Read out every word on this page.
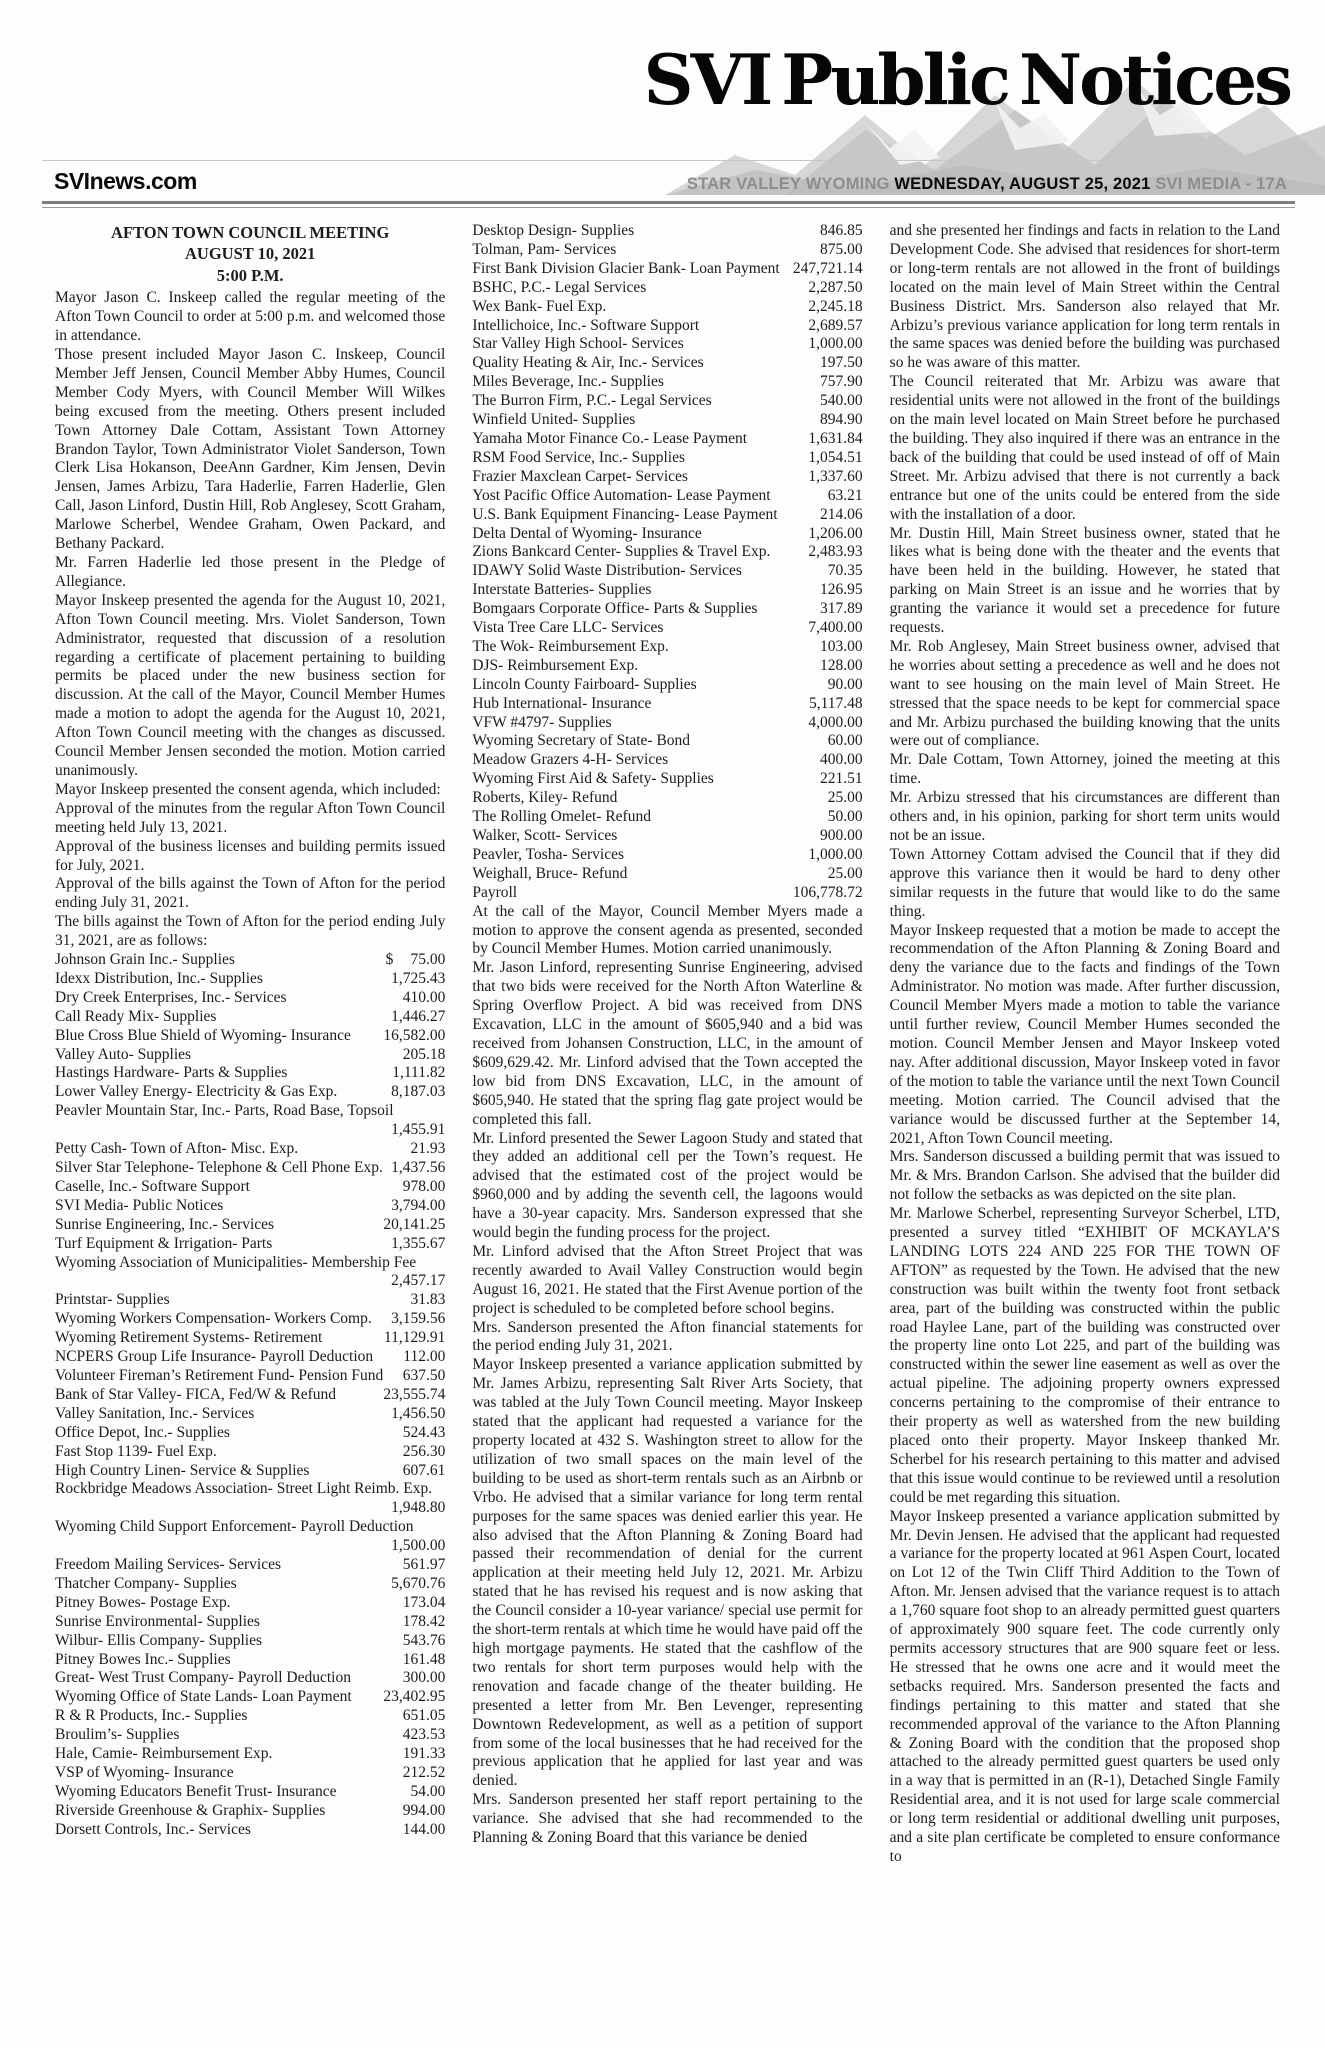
SVI Public Notices
SVInews.com	STAR VALLEY WYOMING WEDNESDAY, AUGUST 25, 2021 SVI MEDIA - 17A
AFTON TOWN COUNCIL MEETING
AUGUST 10, 2021
5:00 P.M.

Mayor Jason C. Inskeep called the regular meeting of the Afton Town Council to order at 5:00 p.m. and welcomed those in attendance.

Those present included Mayor Jason C. Inskeep, Council Member Jeff Jensen, Council Member Abby Humes, Council Member Cody Myers, with Council Member Will Wilkes being excused from the meeting. Others present included Town Attorney Dale Cottam, Assistant Town Attorney Brandon Taylor, Town Administrator Violet Sanderson, Town Clerk Lisa Hokanson, DeeAnn Gardner, Kim Jensen, Devin Jensen, James Arbizu, Tara Haderlie, Farren Haderlie, Glen Call, Jason Linford, Dustin Hill, Rob Anglesey, Scott Graham, Marlowe Scherbel, Wendee Graham, Owen Packard, and Bethany Packard.

Mr. Farren Haderlie led those present in the Pledge of Allegiance.

Mayor Inskeep presented the agenda for the August 10, 2021, Afton Town Council meeting. Mrs. Violet Sanderson, Town Administrator, requested that discussion of a resolution regarding a certificate of placement pertaining to building permits be placed under the new business section for discussion. At the call of the Mayor, Council Member Humes made a motion to adopt the agenda for the August 10, 2021, Afton Town Council meeting with the changes as discussed. Council Member Jensen seconded the motion. Motion carried unanimously.

Mayor Inskeep presented the consent agenda, which included:

Approval of the minutes from the regular Afton Town Council meeting held July 13, 2021.

Approval of the business licenses and building permits issued for July, 2021.

Approval of the bills against the Town of Afton for the period ending July 31, 2021.

The bills against the Town of Afton for the period ending July 31, 2021, are as follows:

Johnson Grain Inc.- Supplies	$	75.00
Idexx Distribution, Inc.- Supplies	1,725.43
Dry Creek Enterprises, Inc.- Services	410.00
Call Ready Mix- Supplies	1,446.27
Blue Cross Blue Shield of Wyoming- Insurance 16,582.00
Valley Auto- Supplies	205.18
Hastings Hardware- Parts & Supplies	1,111.82
Lower Valley Energy- Electricity & Gas Exp.	8,187.03
Peavler Mountain Star, Inc.- Parts, Road Base, Topsoil
1,455.91
Petty Cash- Town of Afton- Misc. Exp.	21.93
Silver Star Telephone- Telephone & Cell Phone Exp. 1,437.56
Caselle, Inc.- Software Support	978.00
SVI Media- Public Notices	3,794.00
Sunrise Engineering, Inc.- Services	20,141.25
Turf Equipment & Irrigation- Parts	1,355.67
Wyoming Association of Municipalities- Membership Fee
2,457.17
Printstar- Supplies	31.83
Wyoming Workers Compensation- Workers Comp. 3,159.56
Wyoming Retirement Systems- Retirement	11,129.91
NCPERS Group Life Insurance- Payroll Deduction 112.00
Volunteer Fireman’s Retirement Fund- Pension Fund 637.50
Bank of Star Valley- FICA, Fed/W & Refund	23,555.74
Valley Sanitation, Inc.- Services	1,456.50
Office Depot, Inc.- Supplies	524.43
Fast Stop 1139- Fuel Exp.	256.30
High Country Linen- Service & Supplies	607.61
Rockbridge Meadows Association- Street Light Reimb. Exp.
1,948.80
Wyoming Child Support Enforcement- Payroll Deduction
1,500.00
Freedom Mailing Services- Services	561.97
Thatcher Company- Supplies	5,670.76
Pitney Bowes- Postage Exp.	173.04
Sunrise Environmental- Supplies	178.42
Wilbur- Ellis Company- Supplies	543.76
Pitney Bowes Inc.- Supplies	161.48
Great- West Trust Company- Payroll Deduction	300.00
Wyoming Office of State Lands- Loan Payment 23,402.95
R & R Products, Inc.- Supplies	651.05
Broulim’s- Supplies	423.53
Hale, Camie- Reimbursement Exp.	191.33
VSP of Wyoming- Insurance	212.52
Wyoming Educators Benefit Trust- Insurance	54.00
Riverside Greenhouse & Graphix- Supplies	994.00
Dorsett Controls, Inc.- Services	144.00
Desktop Design- Supplies	846.85
Tolman, Pam- Services	875.00
First Bank Division Glacier Bank- Loan Payment 247,721.14
BSHC, P.C.- Legal Services	2,287.50
Wex Bank- Fuel Exp.	2,245.18
Intellichoice, Inc.- Software Support	2,689.57
Star Valley High School- Services	1,000.00
Quality Heating & Air, Inc.- Services	197.50
Miles Beverage, Inc.- Supplies	757.90
The Burron Firm, P.C.- Legal Services	540.00
Winfield United- Supplies	894.90
Yamaha Motor Finance Co.- Lease Payment	1,631.84
RSM Food Service, Inc.- Supplies	1,054.51
Frazier Maxclean Carpet- Services	1,337.60
Yost Pacific Office Automation- Lease Payment	63.21
U.S. Bank Equipment Financing- Lease Payment	214.06
Delta Dental of Wyoming- Insurance	1,206.00
Zions Bankcard Center- Supplies & Travel Exp. 2,483.93
IDAWY Solid Waste Distribution- Services	70.35
Interstate Batteries- Supplies	126.95
Bomgaars Corporate Office- Parts & Supplies	317.89
Vista Tree Care LLC- Services	7,400.00
The Wok- Reimbursement Exp.	103.00
DJS- Reimbursement Exp.	128.00
Lincoln County Fairboard- Supplies	90.00
Hub International- Insurance	5,117.48
VFW #4797- Supplies	4,000.00
Wyoming Secretary of State- Bond	60.00
Meadow Grazers 4-H- Services	400.00
Wyoming First Aid & Safety- Supplies	221.51
Roberts, Kiley- Refund	25.00
The Rolling Omelet- Refund	50.00
Walker, Scott- Services	900.00
Peavler, Tosha- Services	1,000.00
Weighall, Bruce- Refund	25.00
Payroll	106,778.72

At the call of the Mayor, Council Member Myers made a motion to approve the consent agenda as presented, seconded by Council Member Humes. Motion carried unanimously.

Mr. Jason Linford, representing Sunrise Engineering, advised that two bids were received for the North Afton Waterline & Spring Overflow Project. A bid was received from DNS Excavation, LLC in the amount of $605,940 and a bid was received from Johansen Construction, LLC, in the amount of $609,629.42. Mr. Linford advised that the Town accepted the low bid from DNS Excavation, LLC, in the amount of $605,940. He stated that the spring flag gate project would be completed this fall.

Mr. Linford presented the Sewer Lagoon Study and stated that they added an additional cell per the Town’s request. He advised that the estimated cost of the project would be $960,000 and by adding the seventh cell, the lagoons would have a 30-year capacity. Mrs. Sanderson expressed that she would begin the funding process for the project.

Mr. Linford advised that the Afton Street Project that was recently awarded to Avail Valley Construction would begin August 16, 2021. He stated that the First Avenue portion of the project is scheduled to be completed before school begins.

Mrs. Sanderson presented the Afton financial statements for the period ending July 31, 2021.

Mayor Inskeep presented a variance application submitted by Mr. James Arbizu, representing Salt River Arts Society, that was tabled at the July Town Council meeting. Mayor Inskeep stated that the applicant had requested a variance for the property located at 432 S. Washington street to allow for the utilization of two small spaces on the main level of the building to be used as short-term rentals such as an Airbnb or Vrbo. He advised that a similar variance for long term rental purposes for the same spaces was denied earlier this year. He also advised that the Afton Planning & Zoning Board had passed their recommendation of denial for the current application at their meeting held July 12, 2021. Mr. Arbizu stated that he has revised his request and is now asking that the Council consider a 10-year variance/ special use permit for the short-term rentals at which time he would have paid off the high mortgage payments. He stated that the cashflow of the two rentals for short term purposes would help with the renovation and facade change of the theater building. He presented a letter from Mr. Ben Levenger, representing Downtown Redevelopment, as well as a petition of support from some of the local businesses that he had received for the previous application that he applied for last year and was denied.

Mrs. Sanderson presented her staff report pertaining to the variance. She advised that she had recommended to the Planning & Zoning Board that this variance be denied

and she presented her findings and facts in relation to the Land Development Code. She advised that residences for short-term or long-term rentals are not allowed in the front of buildings located on the main level of Main Street within the Central Business District. Mrs. Sanderson also relayed that Mr. Arbizu’s previous variance application for long term rentals in the same spaces was denied before the building was purchased so he was aware of this matter.

The Council reiterated that Mr. Arbizu was aware that residential units were not allowed in the front of the buildings on the main level located on Main Street before he purchased the building. They also inquired if there was an entrance in the back of the building that could be used instead of off of Main Street. Mr. Arbizu advised that there is not currently a back entrance but one of the units could be entered from the side with the installation of a door.

Mr. Dustin Hill, Main Street business owner, stated that he likes what is being done with the theater and the events that have been held in the building. However, he stated that parking on Main Street is an issue and he worries that by granting the variance it would set a precedence for future requests.

Mr. Rob Anglesey, Main Street business owner, advised that he worries about setting a precedence as well and he does not want to see housing on the main level of Main Street. He stressed that the space needs to be kept for commercial space and Mr. Arbizu purchased the building knowing that the units were out of compliance.

Mr. Dale Cottam, Town Attorney, joined the meeting at this time.

Mr. Arbizu stressed that his circumstances are different than others and, in his opinion, parking for short term units would not be an issue.

Town Attorney Cottam advised the Council that if they did approve this variance then it would be hard to deny other similar requests in the future that would like to do the same thing.

Mayor Inskeep requested that a motion be made to accept the recommendation of the Afton Planning & Zoning Board and deny the variance due to the facts and findings of the Town Administrator. No motion was made. After further discussion, Council Member Myers made a motion to table the variance until further review, Council Member Humes seconded the motion. Council Member Jensen and Mayor Inskeep voted nay. After additional discussion, Mayor Inskeep voted in favor of the motion to table the variance until the next Town Council meeting. Motion carried. The Council advised that the variance would be discussed further at the September 14, 2021, Afton Town Council meeting.

Mrs. Sanderson discussed a building permit that was issued to Mr. & Mrs. Brandon Carlson. She advised that the builder did not follow the setbacks as was depicted on the site plan.

Mr. Marlowe Scherbel, representing Surveyor Scherbel, LTD, presented a survey titled “EXHIBIT OF MCKAYLA’S LANDING LOTS 224 AND 225 FOR THE TOWN OF AFTON” as requested by the Town. He advised that the new construction was built within the twenty foot front setback area, part of the building was constructed within the public road Haylee Lane, part of the building was constructed over the property line onto Lot 225, and part of the building was constructed within the sewer line easement as well as over the actual pipeline. The adjoining property owners expressed concerns pertaining to the compromise of their entrance to their property as well as watershed from the new building placed onto their property. Mayor Inskeep thanked Mr. Scherbel for his research pertaining to this matter and advised that this issue would continue to be reviewed until a resolution could be met regarding this situation.

Mayor Inskeep presented a variance application submitted by Mr. Devin Jensen. He advised that the applicant had requested a variance for the property located at 961 Aspen Court, located on Lot 12 of the Twin Cliff Third Addition to the Town of Afton. Mr. Jensen advised that the variance request is to attach a 1,760 square foot shop to an already permitted guest quarters of approximately 900 square feet. The code currently only permits accessory structures that are 900 square feet or less. He stressed that he owns one acre and it would meet the setbacks required. Mrs. Sanderson presented the facts and findings pertaining to this matter and stated that she recommended approval of the variance to the Afton Planning & Zoning Board with the condition that the proposed shop attached to the already permitted guest quarters be used only in a way that is permitted in an (R-1), Detached Single Family Residential area, and it is not used for large scale commercial or long term residential or additional dwelling unit purposes, and a site plan certificate be completed to ensure conformance to
